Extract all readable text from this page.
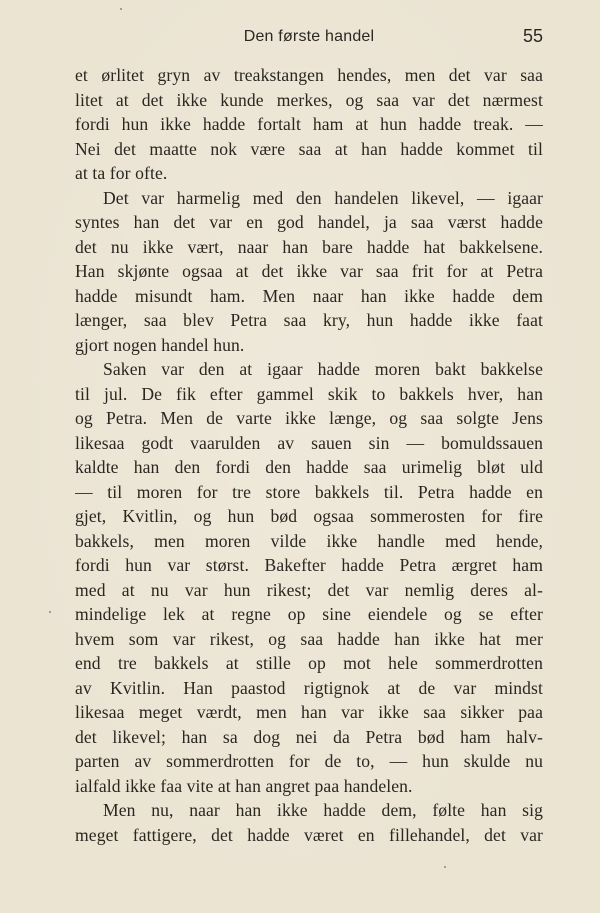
Den første handel	55
et ørlitet gryn av treakstangen hendes, men det var saa
litet at det ikke kunde merkes, og saa var det nærmest
fordi hun ikke hadde fortalt ham at hun hadde treak. —
Nei det maatte nok være saa at han hadde kommet til
at ta for ofte.
Det var harmelig med den handelen likevel, — igaar
syntes han det var en god handel, ja saa værst hadde
det nu ikke vært, naar han bare hadde hat bakkelsene.
Han skjønte ogsaa at det ikke var saa frit for at Petra
hadde misundt ham. Men naar han ikke hadde dem
længer, saa blev Petra saa kry, hun hadde ikke faat
gjort nogen handel hun.
Saken var den at igaar hadde moren bakt bakkelse
til jul. De fik efter gammel skik to bakkels hver, han
og Petra. Men de varte ikke længe, og saa solgte Jens
likesaa godt vaarulden av sauen sin — bomuldssauen
kaldte han den fordi den hadde saa urimelig bløt uld
— til moren for tre store bakkels til. Petra hadde en
gjet, Kvitlin, og hun bød ogsaa sommerosten for fire
bakkels, men moren vilde ikke handle med hende,
fordi hun var størst. Bakefter hadde Petra ærgret ham
med at nu var hun rikest; det var nemlig deres al-
mindelige lek at regne op sine eiendele og se efter
hvem som var rikest, og saa hadde han ikke hat mer
end tre bakkels at stille op mot hele sommerdrotten
av Kvitlin. Han paastod rigtignok at de var mindst
likesaa meget værdt, men han var ikke saa sikker paa
det likevel; han sa dog nei da Petra bød ham halv-
parten av sommerdrotten for de to, — hun skulde nu
ialfald ikke faa vite at han angret paa handelen.
Men nu, naar han ikke hadde dem, følte han sig
meget fattigere, det hadde været en fillehandel, det var
